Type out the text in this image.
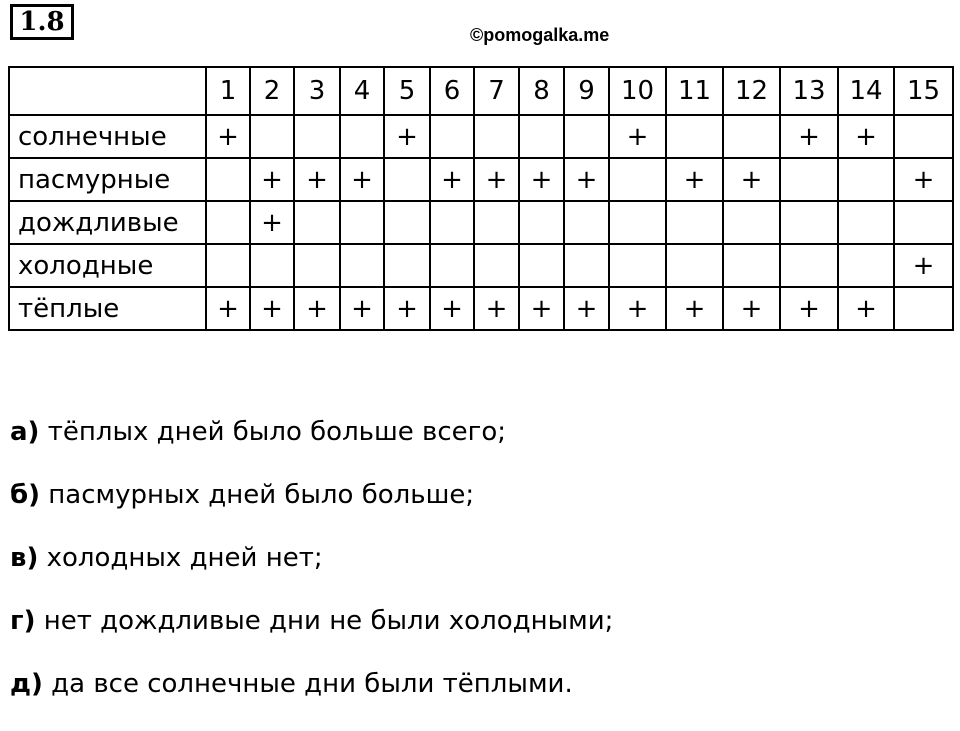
1.8	©pomogalka.me
	1	2	3	4	5	6	7	8	9	10	11	12	13	14	15
солнечные	+				+					+			+	+	
пасмурные		+	+	+		+	+	+	+		+	+			+
дождливые		+													
холодные															+
тёплые	+	+	+	+	+	+	+	+	+	+	+	+	+	+	
а) тёплых дней было больше всего;
б) пасмурных дней было больше;
в) холодных дней нет;
г) нет дождливые дни не были холодными;
д) да все солнечные дни были тёплыми.
